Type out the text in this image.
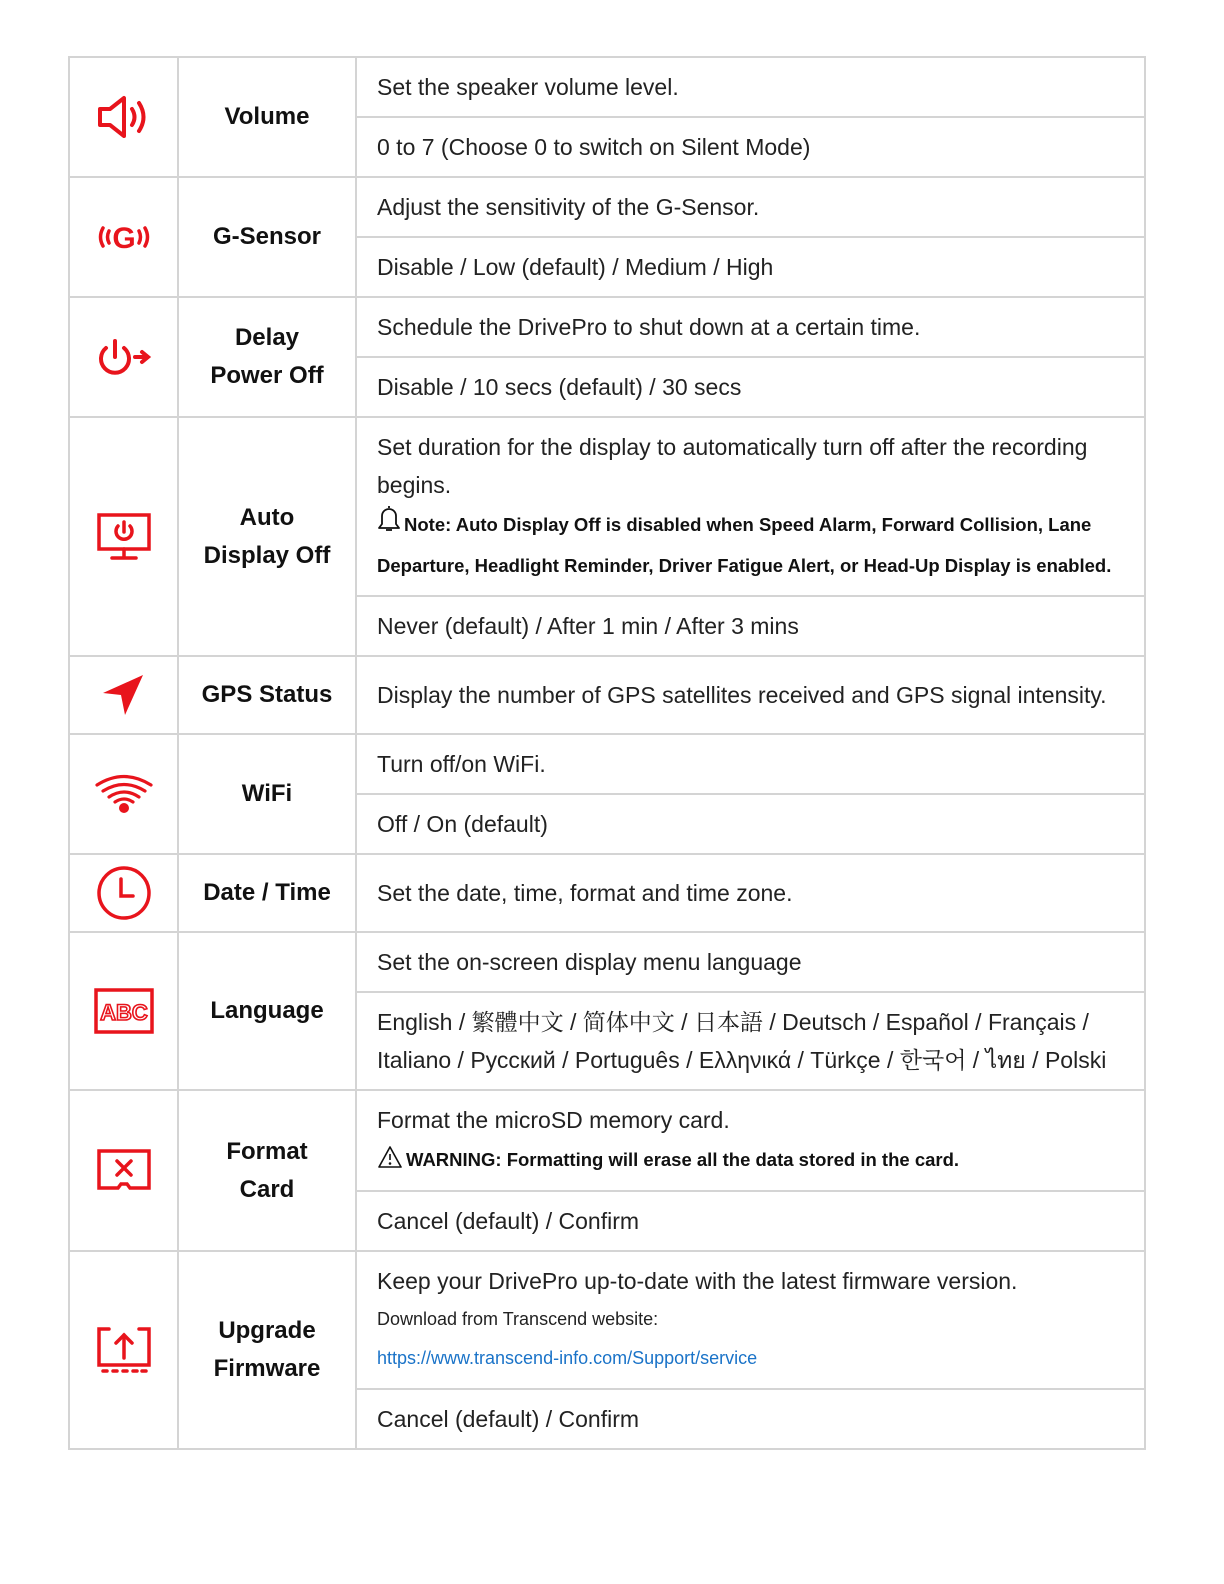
	Volume	Set the speaker volume level.
		0 to 7 (Choose 0 to switch on Silent Mode)

G	G-Sensor	Adjust the sensitivity of the G-Sensor.
		Disable / Low (default) / Medium / High

Delay
Power Off	Schedule the DrivePro to shut down at a certain time.
		Disable / 10 secs (default) / 30 secs

Auto
Display Off	Set duration for the display to automatically turn off after the recording begins.
Note: Auto Display Off is disabled when Speed Alarm, Forward Collision, Lane Departure, Headlight Reminder, Driver Fatigue Alert, or Head-Up Display is enabled.
		Never (default) / After 1 min / After 3 mins

	GPS Status	Display the number of GPS satellites received and GPS signal intensity.

	WiFi	Turn off/on WiFi.
		Off / On (default)

	Date / Time	Set the date, time, format and time zone.

ABC	Language	Set the on-screen display menu language

		English / 繁體中文 / 简体中文 / 日本語 / Deutsch / Español / Français /
Italiano / Русский / Português / Ελληνικά / Türkçe / 한국어 / ไทย / Polski

Format
Card	Format the microSD memory card.
WARNING: Formatting will erase all the data stored in the card.
		Cancel (default) / Confirm

Upgrade
Firmware	Keep your DrivePro up-to-date with the latest firmware version.
Download from Transcend website:
https://www.transcend-info.com/Support/service

		Cancel (default) / Confirm
